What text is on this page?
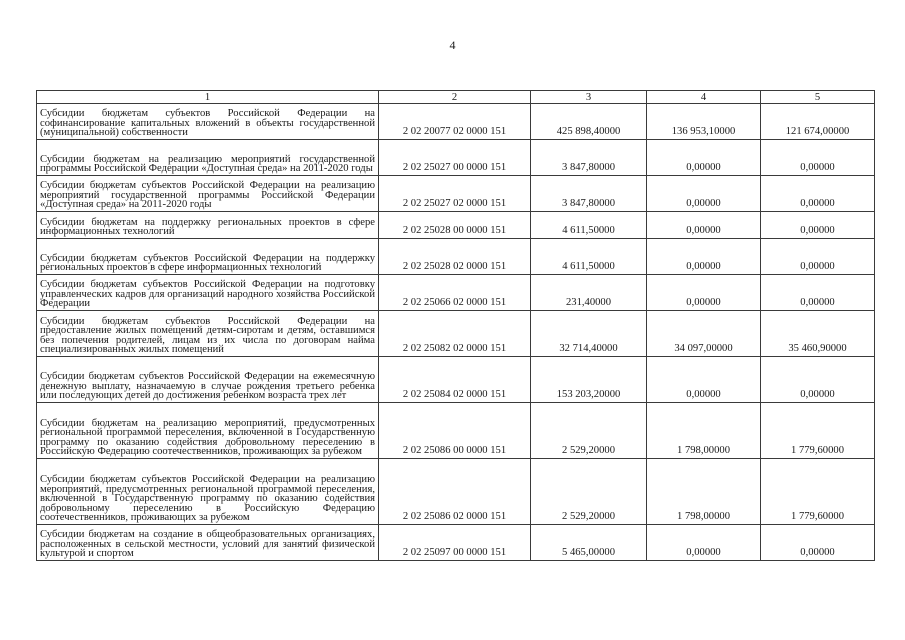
4
1	2	3	4	5
Субсидии бюджетам субъектов Российской Федерации на софинансирование капитальных вложений в объекты государственной (муниципальной) собственности	2 02 20077 02 0000 151	425 898,40000	136 953,10000	121 674,00000
Субсидии бюджетам на реализацию мероприятий государственной программы Российской Федерации «Доступная среда» на 2011-2020 годы	2 02 25027 00 0000 151	3 847,80000	0,00000	0,00000
Субсидии бюджетам субъектов Российской Федерации на реализацию мероприятий государственной программы Российской Федерации «Доступная среда» на 2011-2020 годы	2 02 25027 02 0000 151	3 847,80000	0,00000	0,00000
Субсидии бюджетам на поддержку региональных проектов в сфере информационных технологий	2 02 25028 00 0000 151	4 611,50000	0,00000	0,00000
Субсидии бюджетам субъектов Российской Федерации на поддержку региональных проектов в сфере информационных технологий	2 02 25028 02 0000 151	4 611,50000	0,00000	0,00000
Субсидии бюджетам субъектов Российской Федерации на подготовку управленческих кадров для организаций народного хозяйства Российской Федерации	2 02 25066 02 0000 151	231,40000	0,00000	0,00000
Субсидии бюджетам субъектов Российской Федерации на предоставление жилых помещений детям-сиротам и детям, оставшимся без попечения родителей, лицам из их числа по договорам найма специализированных жилых помещений	2 02 25082 02 0000 151	32 714,40000	34 097,00000	35 460,90000
Субсидии бюджетам субъектов Российской Федерации на ежемесячную денежную выплату, назначаемую в случае рождения третьего ребенка или последующих детей до достижения ребенком возраста трех лет	2 02 25084 02 0000 151	153 203,20000	0,00000	0,00000
Субсидии бюджетам на реализацию мероприятий, предусмотренных региональной программой переселения, включенной в Государственную программу по оказанию содействия добровольному переселению в Российскую Федерацию соотечественников, проживающих за рубежом	2 02 25086 00 0000 151	2 529,20000	1 798,00000	1 779,60000
Субсидии бюджетам субъектов Российской Федерации на реализацию мероприятий, предусмотренных региональной программой переселения, включенной в Государственную программу по оказанию содействия добровольному переселению в Российскую Федерацию соотечественников, проживающих за рубежом	2 02 25086 02 0000 151	2 529,20000	1 798,00000	1 779,60000
Субсидии бюджетам на создание в общеобразовательных организациях, расположенных в сельской местности, условий для занятий физической культурой и спортом	2 02 25097 00 0000 151	5 465,00000	0,00000	0,00000
